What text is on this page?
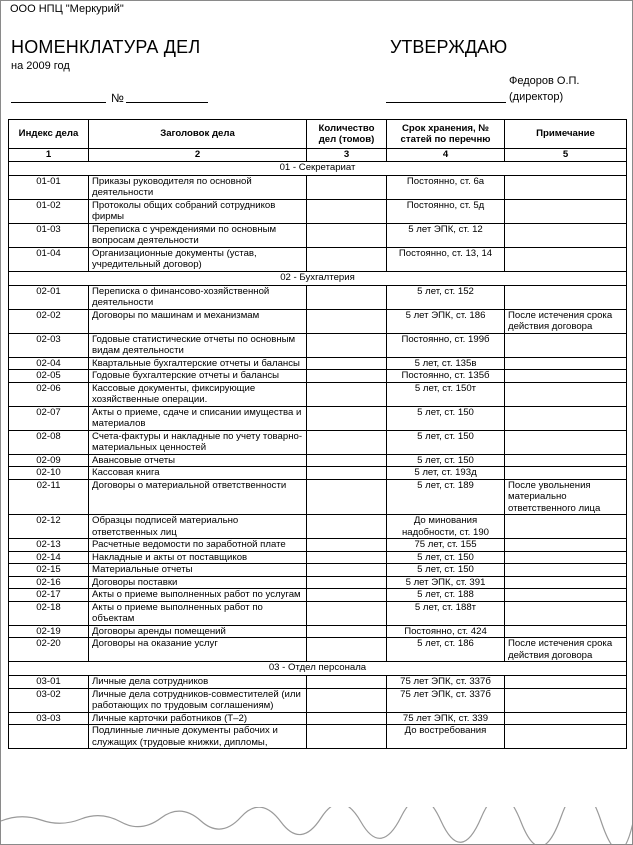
ООО НПЦ "Меркурий"
НОМЕНКЛАТУРА ДЕЛ
на 2009 год
УТВЕРЖДАЮ
Федоров О.П.
(директор)
№
Индекс дела	Заголовок дела	Количество дел (томов)	Срок хранения, № статей по перечню	Примечание
1	2	3	4	5
01 - Секретариат				
01-01	Приказы руководителя по основной деятельности		Постоянно, ст. 6а	
01-02	Протоколы общих собраний сотрудников фирмы		Постоянно, ст. 5д	
01-03	Переписка с учреждениями по основным вопросам деятельности		5 лет ЭПК, ст. 12	
01-04	Организационные документы (устав, учредительный договор)		Постоянно, ст. 13, 14	
02 - Бухгалтерия				
02-01	Переписка о финансово-хозяйственной деятельности		5 лет, ст. 152	
02-02	Договоры по машинам и механизмам		5 лет ЭПК, ст. 186	После истечения срока действия договора
02-03	Годовые статистические отчеты по основным видам деятельности		Постоянно, ст. 199б	
02-04	Квартальные бухгалтерские отчеты и балансы		5 лет, ст. 135в	
02-05	Годовые бухгалтерские отчеты и балансы		Постоянно, ст. 135б	
02-06	Кассовые документы, фиксирующие хозяйственные операции.		5 лет, ст. 150т	
02-07	Акты о приеме, сдаче и списании имущества и материалов		5 лет, ст. 150	
02-08	Счета-фактуры и накладные по учету товарно-материальных ценностей		5 лет, ст. 150	
02-09	Авансовые отчеты		5 лет, ст. 150	
02-10	Кассовая книга		5 лет, ст. 193д	
02-11	Договоры о материальной ответственности		5 лет, ст. 189	После увольнения материально ответственного лица
02-12	Образцы подписей материально ответственных лиц		До минования надобности, ст. 190	
02-13	Расчетные ведомости по заработной плате		75 лет, ст. 155	
02-14	Накладные и акты от поставщиков		5 лет, ст. 150	
02-15	Материальные отчеты		5 лет, ст. 150	
02-16	Договоры поставки		5 лет ЭПК, ст. 391	
02-17	Акты о приеме выполненных работ по услугам		5 лет, ст. 188	
02-18	Акты о приеме выполненных работ по объектам		5 лет, ст. 188т	
02-19	Договоры аренды помещений		Постоянно, ст. 424	
02-20	Договоры на оказание услуг		5 лет, ст. 186	После истечения срока действия договора
03 - Отдел персонала				
03-01	Личные дела сотрудников		75 лет ЭПК, ст. 337б	
03-02	Личные дела сотрудников-совместителей (или работающих по трудовым соглашениям)		75 лет ЭПК, ст. 337б	
03-03	Личные карточки работников (Т–2)		75 лет ЭПК, ст. 339	
	Подлинные личные документы рабочих и служащих (трудовые книжки, дипломы,		До востребования	
